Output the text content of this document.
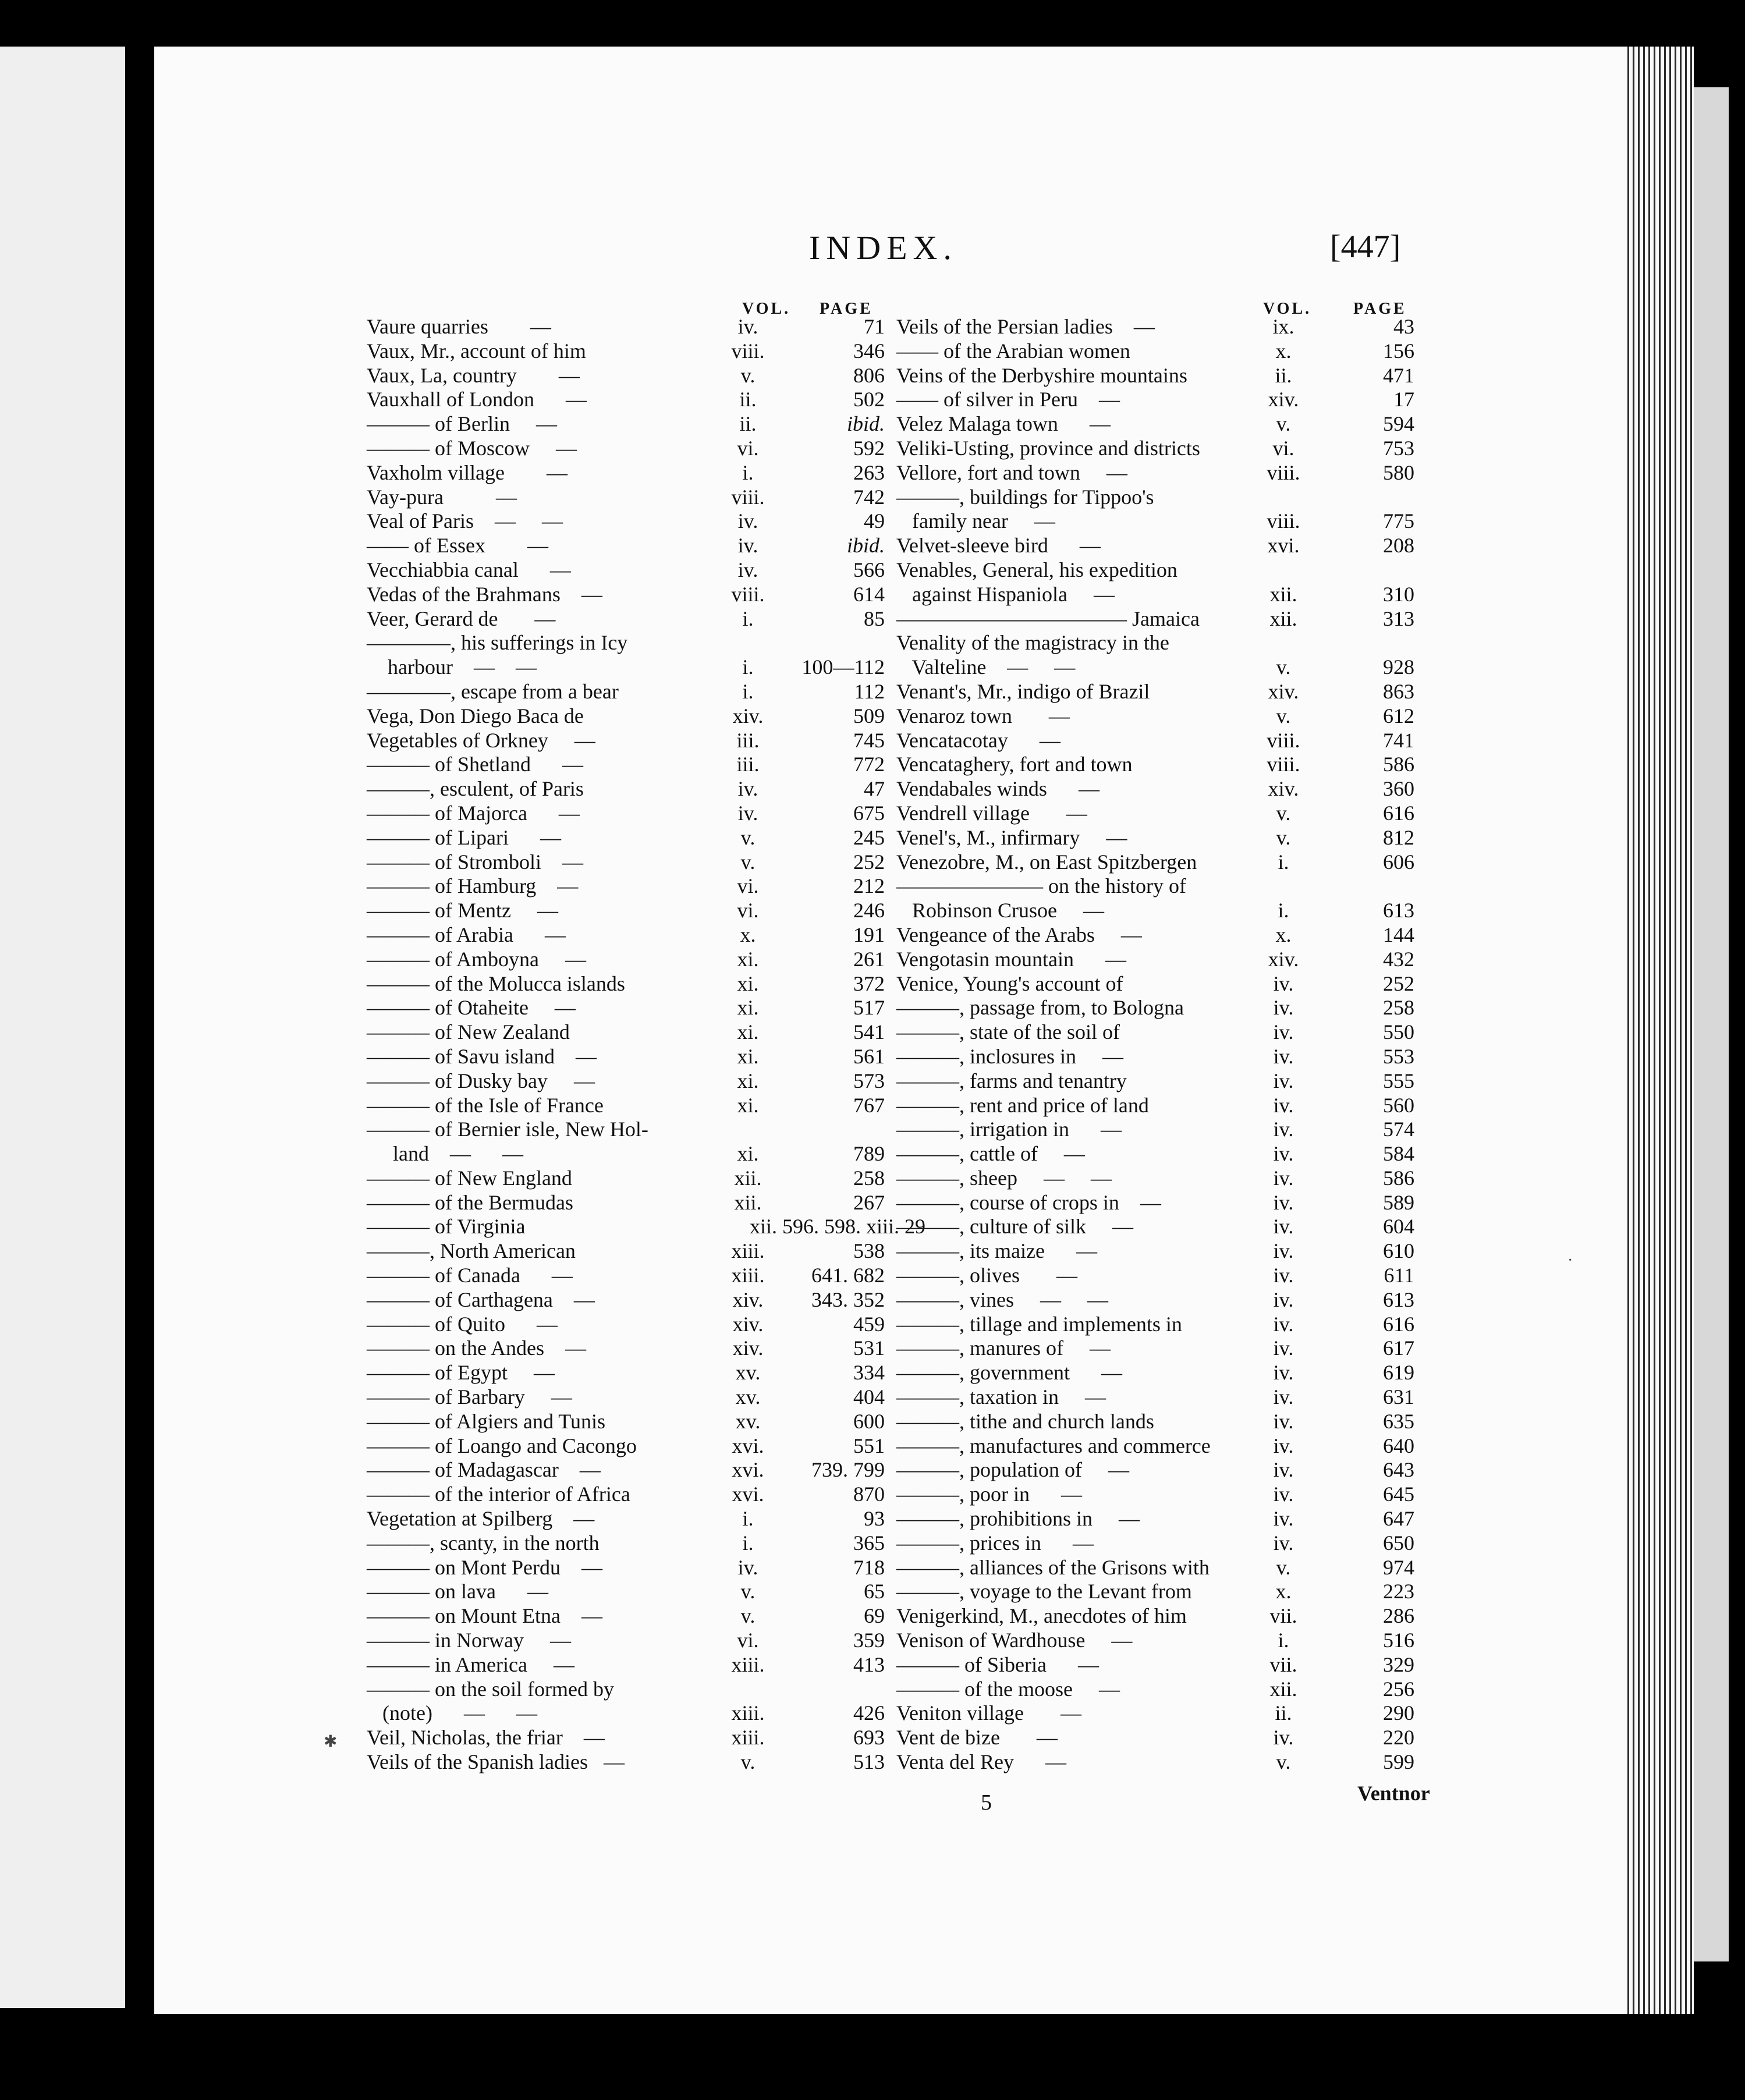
INDEX.	[447]
VOL. PAGE
Vaure quarries        —	iv.	71
Vaux, Mr., account of him	viii.	346
Vaux, La, country        —	v.	806
Vauxhall of London      —	ii.	502
——— of Berlin     —	ii.	ibid.
——— of Moscow     —	vi.	592
Vaxholm village        —	i.	263
Vay-pura          —	viii.	742
Veal of Paris    —     —	iv.	49
—— of Essex        —	iv.	ibid.
Vecchiabbia canal      —	iv.	566
Vedas of the Brahmans    —	viii.	614
Veer, Gerard de       —	i.	85
————, his sufferings in Icy
harbour    —    —	i.	100—112
————, escape from a bear	i.	112
Vega, Don Diego Baca de	xiv.	509
Vegetables of Orkney     —	iii.	745
——— of Shetland      —	iii.	772
———, esculent, of Paris	iv.	47
——— of Majorca      —	iv.	675
——— of Lipari      —	v.	245
——— of Stromboli    —	v.	252
——— of Hamburg    —	vi.	212
——— of Mentz     —	vi.	246
——— of Arabia      —	x.	191
——— of Amboyna     —	xi.	261
——— of the Molucca islands	xi.	372
——— of Otaheite     —	xi.	517
——— of New Zealand	xi.	541
——— of Savu island    —	xi.	561
——— of Dusky bay     —	xi.	573
——— of the Isle of France	xi.	767
——— of Bernier isle, New Hol-
land    —      —	xi.	789
——— of New England	xii.	258
——— of the Bermudas	xii.	267
——— of Virginia	xii. 596. 598. xiii. 29
———, North American	xiii.	538
——— of Canada      —	xiii.	641. 682
——— of Carthagena    —	xiv.	343. 352
——— of Quito      —	xiv.	459
——— on the Andes    —	xiv.	531
——— of Egypt     —	xv.	334
——— of Barbary     —	xv.	404
——— of Algiers and Tunis	xv.	600
——— of Loango and Cacongo	xvi.	551
——— of Madagascar    —	xvi.	739. 799
——— of the interior of Africa	xvi.	870
Vegetation at Spilberg    —	i.	93
———, scanty, in the north	i.	365
——— on Mont Perdu    —	iv.	718
——— on lava      —	v.	65
——— on Mount Etna    —	v.	69
——— in Norway     —	vi.	359
——— in America     —	xiii.	413
——— on the soil formed by
(note)      —      —	xiii.	426
Veil, Nicholas, the friar    —	xiii.	693
Veils of the Spanish ladies   —	v.	513
VOL.	PAGE
Veils of the Persian ladies    —	ix.	43
—— of the Arabian women	x.	156
Veins of the Derbyshire mountains	ii.	471
—— of silver in Peru    —	xiv.	17
Velez Malaga town      —	v.	594
Veliki-Usting, province and districts	vi.	753
Vellore, fort and town     —	viii.	580
———, buildings for Tippoo's
family near     —	viii.	775
Velvet-sleeve bird      —	xvi.	208
Venables, General, his expedition
against Hispaniola     —	xii.	310
——————————— Jamaica	xii.	313
Venality of the magistracy in the
Valteline    —     —	v.	928
Venant's, Mr., indigo of Brazil	xiv.	863
Venaroz town       —	v.	612
Vencatacotay      —	viii.	741
Vencataghery, fort and town	viii.	586
Vendabales winds      —	xiv.	360
Vendrell village       —	v.	616
Venel's, M., infirmary     —	v.	812
Venezobre, M., on East Spitzbergen	i.	606
——————— on the history of
Robinson Crusoe     —	i.	613
Vengeance of the Arabs     —	x.	144
Vengotasin mountain      —	xiv.	432
Venice, Young's account of	iv.	252
———, passage from, to Bologna	iv.	258
———, state of the soil of	iv.	550
———, inclosures in     —	iv.	553
———, farms and tenantry	iv.	555
———, rent and price of land	iv.	560
———, irrigation in      —	iv.	574
———, cattle of     —	iv.	584
———, sheep     —     —	iv.	586
———, course of crops in    —	iv.	589
———, culture of silk     —	iv.	604
———, its maize      —	iv.	610
———, olives       —	iv.	611
———, vines     —     —	iv.	613
———, tillage and implements in	iv.	616
———, manures of     —	iv.	617
———, government      —	iv.	619
———, taxation in     —	iv.	631
———, tithe and church lands	iv.	635
———, manufactures and commerce	iv.	640
———, population of     —	iv.	643
———, poor in      —	iv.	645
———, prohibitions in     —	iv.	647
———, prices in      —	iv.	650
———, alliances of the Grisons with	v.	974
———, voyage to the Levant from	x.	223
Venigerkind, M., anecdotes of him	vii.	286
Venison of Wardhouse     —	i.	516
——— of Siberia      —	vii.	329
——— of the moose     —	xii.	256
Veniton village       —	ii.	290
Vent de bize       —	iv.	220
Venta del Rey      —	v.	599
5	Ventnor
✱
·
